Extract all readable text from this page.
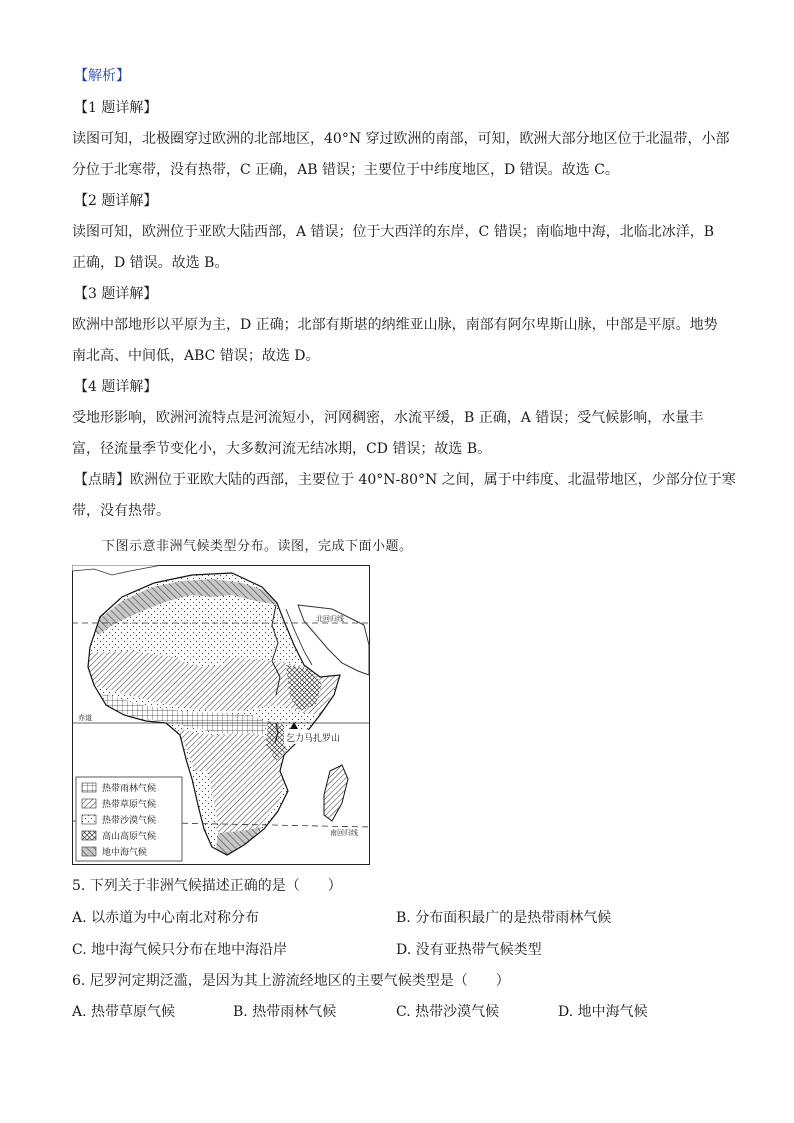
【解析】
【1 题详解】
读图可知，北极圈穿过欧洲的北部地区，40°N 穿过欧洲的南部，可知，欧洲大部分地区位于北温带，小部
分位于北寒带，没有热带，C 正确，AB 错误；主要位于中纬度地区，D 错误。故选 C。
【2 题详解】
读图可知，欧洲位于亚欧大陆西部，A 错误；位于大西洋的东岸，C 错误；南临地中海，北临北冰洋，B
正确，D 错误。故选 B。
【3 题详解】
欧洲中部地形以平原为主，D 正确；北部有斯堪的纳维亚山脉，南部有阿尔卑斯山脉，中部是平原。地势
南北高、中间低，ABC 错误；故选 D。
【4 题详解】
受地形影响，欧洲河流特点是河流短小，河网稠密，水流平缓，B 正确，A 错误；受气候影响，水量丰
富，径流量季节变化小，大多数河流无结冰期，CD 错误；故选 B。
【点睛】欧洲位于亚欧大陆的西部，主要位于 40°N-80°N 之间，属于中纬度、北温带地区，少部分位于寒
带，没有热带。
下图示意非洲气候类型分布。读图，完成下面小题。
北回归线
赤道
南回归线
乞力马扎罗山
热带雨林气候
热带草原气候
热带沙漠气候
高山高原气候
地中海气候
5. 下列关于非洲气候描述正确的是（　　）
A. 以赤道为中心南北对称分布	B. 分布面积最广的是热带雨林气候
C. 地中海气候只分布在地中海沿岸	D. 没有亚热带气候类型
6. 尼罗河定期泛滥，是因为其上游流经地区的主要气候类型是（　　）
A. 热带草原气候	B. 热带雨林气候	C. 热带沙漠气候	D. 地中海气候
